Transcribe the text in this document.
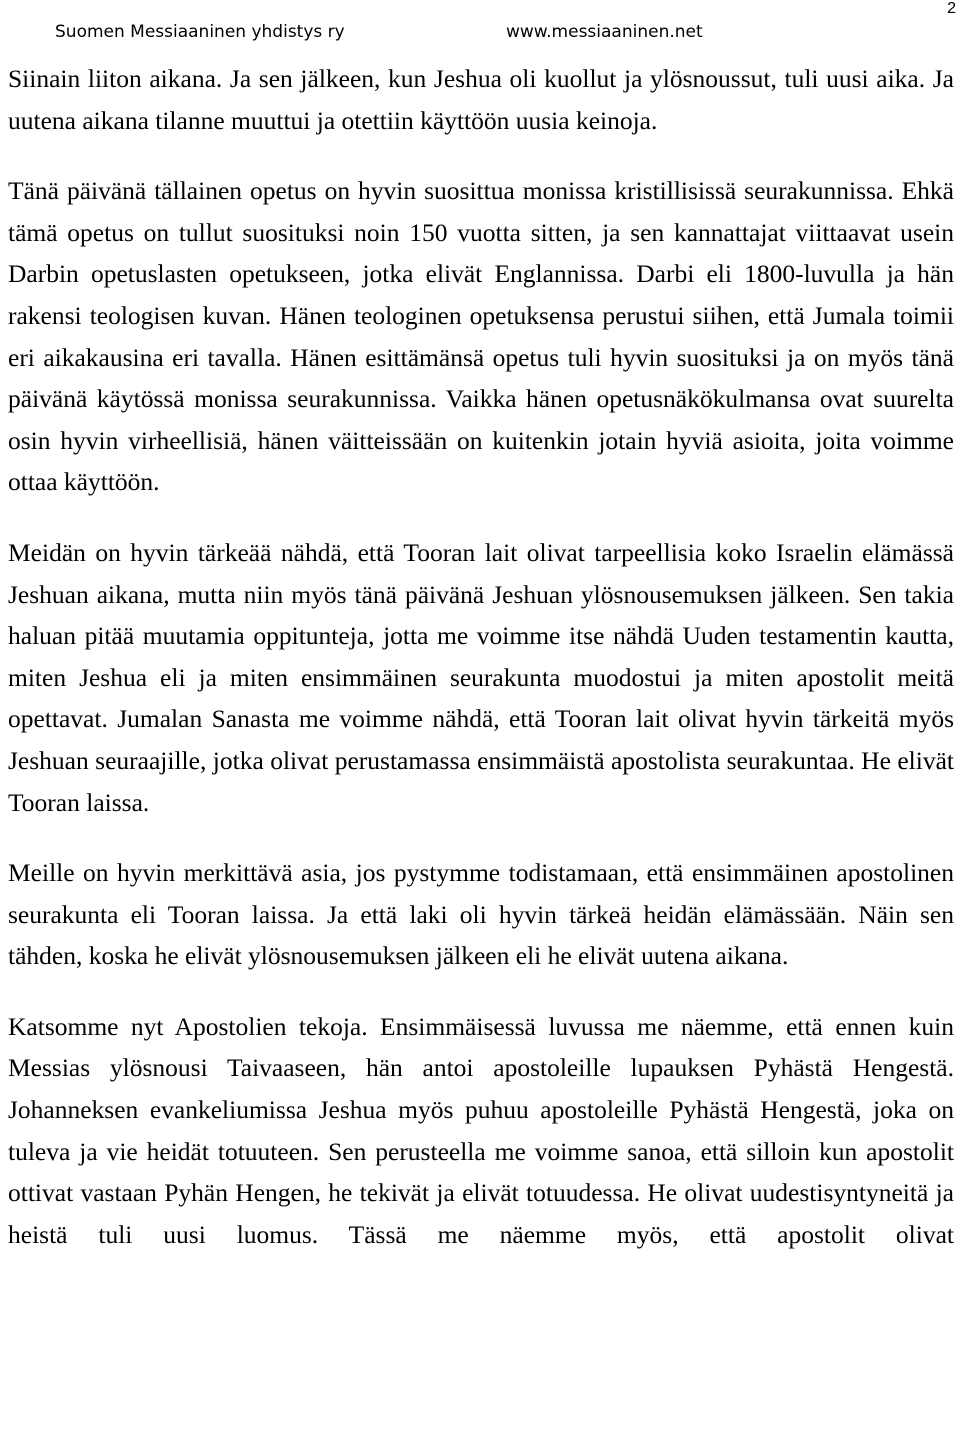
Suomen Messiaaninen yhdistys ry	www.messiaaninen.net
2

Siinain liiton aikana. Ja sen jälkeen, kun Jeshua oli kuollut ja ylösnoussut, tuli uusi aika. Ja uutena aikana tilanne muuttui ja otettiin käyttöön uusia keinoja.

Tänä päivänä tällainen opetus on hyvin suosittua monissa kristillisissä seurakunnissa. Ehkä tämä opetus on tullut suosituksi noin 150 vuotta sitten, ja sen kannattajat viittaavat usein Darbin opetuslasten opetukseen, jotka elivät Englannissa. Darbi eli 1800-luvulla ja hän rakensi teologisen kuvan. Hänen teologinen opetuksensa perustui siihen, että Jumala toimii eri aikakausina eri tavalla. Hänen esittämänsä opetus tuli hyvin suosituksi ja on myös tänä päivänä käytössä monissa seurakunnissa. Vaikka hänen opetusnäkökulmansa ovat suurelta osin hyvin virheellisiä, hänen väitteissään on kuitenkin jotain hyviä asioita, joita voimme ottaa käyttöön.

Meidän on hyvin tärkeää nähdä, että Tooran lait olivat tarpeellisia koko Israelin elämässä Jeshuan aikana, mutta niin myös tänä päivänä Jeshuan ylösnousemuksen jälkeen. Sen takia haluan pitää muutamia oppitunteja, jotta me voimme itse nähdä Uuden testamentin kautta, miten Jeshua eli ja miten ensimmäinen seurakunta muodostui ja miten apostolit meitä opettavat. Jumalan Sanasta me voimme nähdä, että Tooran lait olivat hyvin tärkeitä myös Jeshuan seuraajille, jotka olivat perustamassa ensimmäistä apostolista seurakuntaa. He elivät Tooran laissa.

Meille on hyvin merkittävä asia, jos pystymme todistamaan, että ensimmäinen apostolinen seurakunta eli Tooran laissa. Ja että laki oli hyvin tärkeä heidän elämässään. Näin sen tähden, koska he elivät ylösnousemuksen jälkeen eli he elivät uutena aikana.

Katsomme nyt Apostolien tekoja. Ensimmäisessä luvussa me näemme, että ennen kuin Messias ylösnousi Taivaaseen, hän antoi apostoleille lupauksen Pyhästä Hengestä. Johanneksen evankeliumissa Jeshua myös puhuu apostoleille Pyhästä Hengestä, joka on tuleva ja vie heidät totuuteen. Sen perusteella me voimme sanoa, että silloin kun apostolit ottivat vastaan Pyhän Hengen, he tekivät ja elivät totuudessa. He olivat uudestisyntyneitä ja heistä tuli uusi luomus. Tässä me näemme myös, että apostolit olivat
